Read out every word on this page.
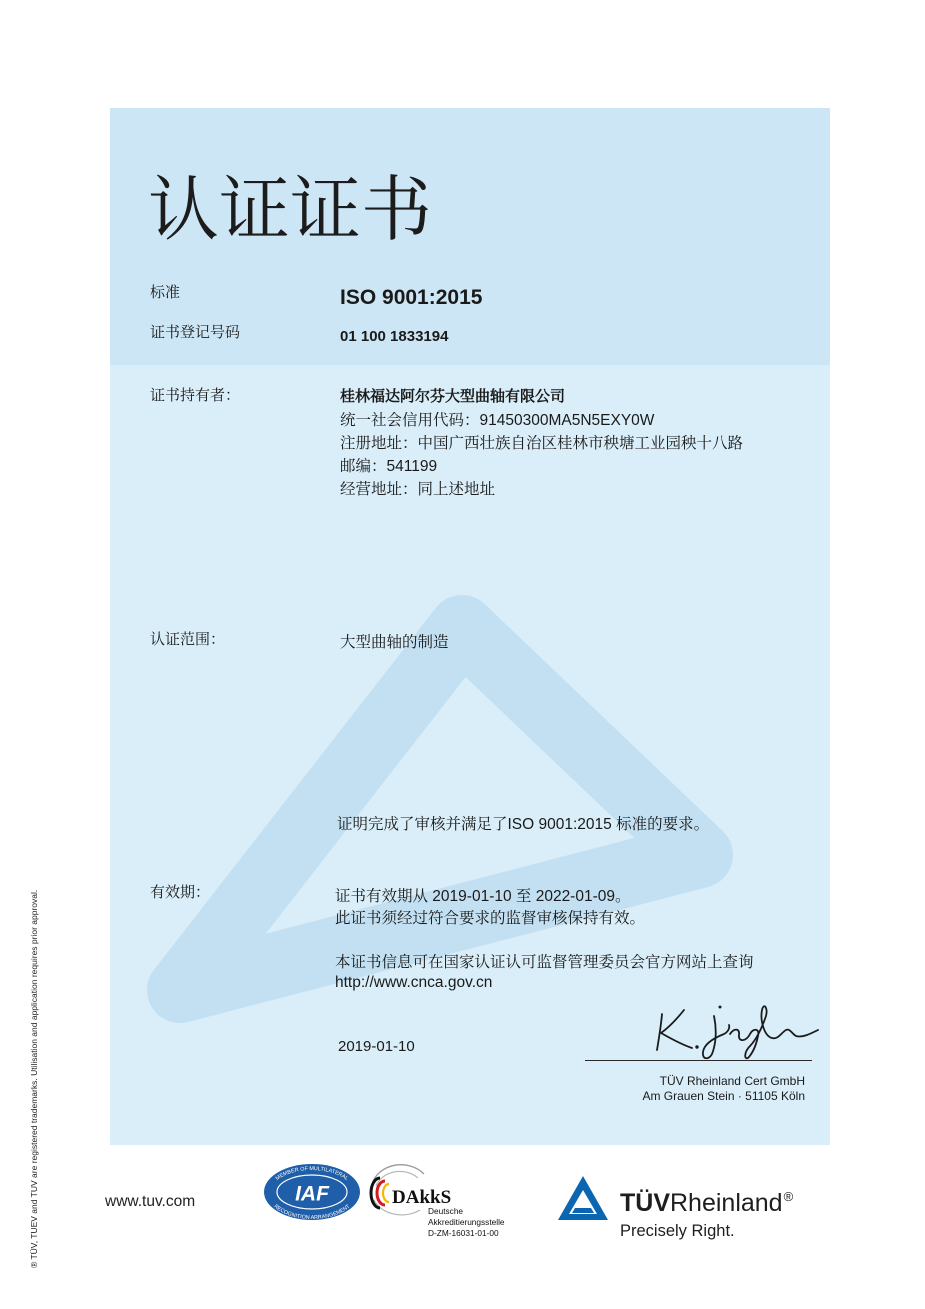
认证证书
标准	ISO 9001:2015
证书登记号码	01 100 1833194
证书持有者：	桂林福达阿尔芬大型曲轴有限公司
统一社会信用代码：91450300MA5N5EXY0W
注册地址：中国广西壮族自治区桂林市秧塘工业园秧十八路
邮编：541199
经营地址：同上述地址
认证范围：	大型曲轴的制造
证明完成了审核并满足了ISO 9001:2015 标准的要求。
有效期：	证书有效期从 2019-01-10 至 2022-01-09。
此证书须经过符合要求的监督审核保持有效。
本证书信息可在国家认证认可监督管理委员会官方网站上查询
http://www.cnca.gov.cn
2019-01-10
TÜV Rheinland Cert GmbH
Am Grauen Stein · 51105 Köln
www.tuv.com
MEMBER OF MULTILATERAL
RECOGNITION ARRANGEMENT
IAF	DAkkS
Deutsche
Akkreditierungsstelle
D-ZM-16031-01-00
TÜVRheinland®
Precisely Right.
® TÜV, TUEV and TUV are registered trademarks. Utilisation and application requires prior approval.
